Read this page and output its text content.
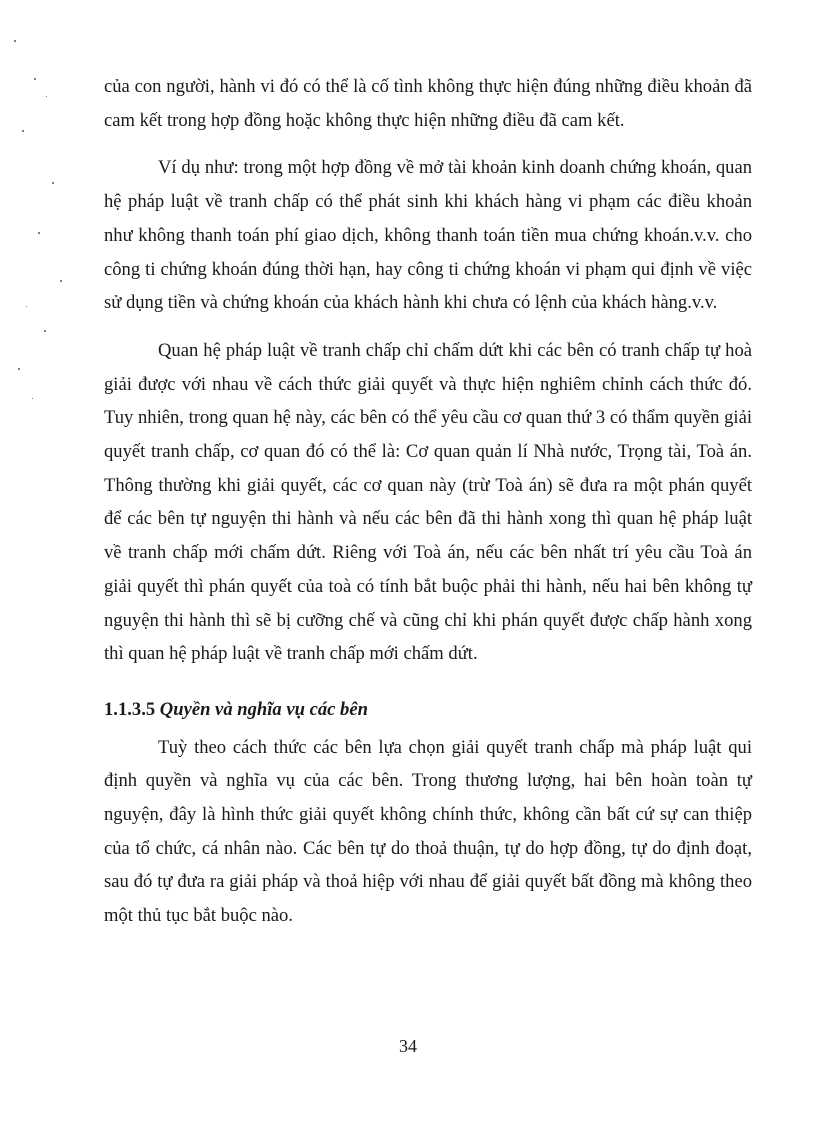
của con người, hành vi đó có thể là cố tình không thực hiện đúng những điều khoản đã cam kết trong hợp đồng hoặc không thực hiện những điều đã cam kết.

Ví dụ như: trong một hợp đồng về mở tài khoản kinh doanh chứng khoán, quan hệ pháp luật về tranh chấp có thể phát sinh khi khách hàng vi phạm các điều khoản như không thanh toán phí giao dịch, không thanh toán tiền mua chứng khoán.v.v. cho công ti chứng khoán đúng thời hạn, hay công ti chứng khoán vi phạm qui định về việc sử dụng tiền và chứng khoán của khách hành khi chưa có lệnh của khách hàng.v.v.

Quan hệ pháp luật về tranh chấp chỉ chấm dứt khi các bên có tranh chấp tự hoà giải được với nhau về cách thức giải quyết và thực hiện nghiêm chỉnh cách thức đó. Tuy nhiên, trong quan hệ này, các bên có thể yêu cầu cơ quan thứ 3 có thẩm quyền giải quyết tranh chấp, cơ quan đó có thể là: Cơ quan quản lí Nhà nước, Trọng tài, Toà án. Thông thường khi giải quyết, các cơ quan này (trừ Toà án) sẽ đưa ra một phán quyết để các bên tự nguyện thi hành và nếu các bên đã thi hành xong thì quan hệ pháp luật về tranh chấp mới chấm dứt. Riêng với Toà án, nếu các bên nhất trí yêu cầu Toà án giải quyết thì phán quyết của toà có tính bắt buộc phải thi hành, nếu hai bên không tự nguyện thi hành thì sẽ bị cưỡng chế và cũng chỉ khi phán quyết được chấp hành xong thì quan hệ pháp luật về tranh chấp mới chấm dứt.

1.1.3.5 Quyền và nghĩa vụ các bên

Tuỳ theo cách thức các bên lựa chọn giải quyết tranh chấp mà pháp luật qui định quyền và nghĩa vụ của các bên. Trong thương lượng, hai bên hoàn toàn tự nguyện, đây là hình thức giải quyết không chính thức, không cần bất cứ sự can thiệp của tổ chức, cá nhân nào. Các bên tự do thoả thuận, tự do hợp đồng, tự do định đoạt, sau đó tự đưa ra giải pháp và thoả hiệp với nhau để giải quyết bất đồng mà không theo một thủ tục bắt buộc nào.

34
